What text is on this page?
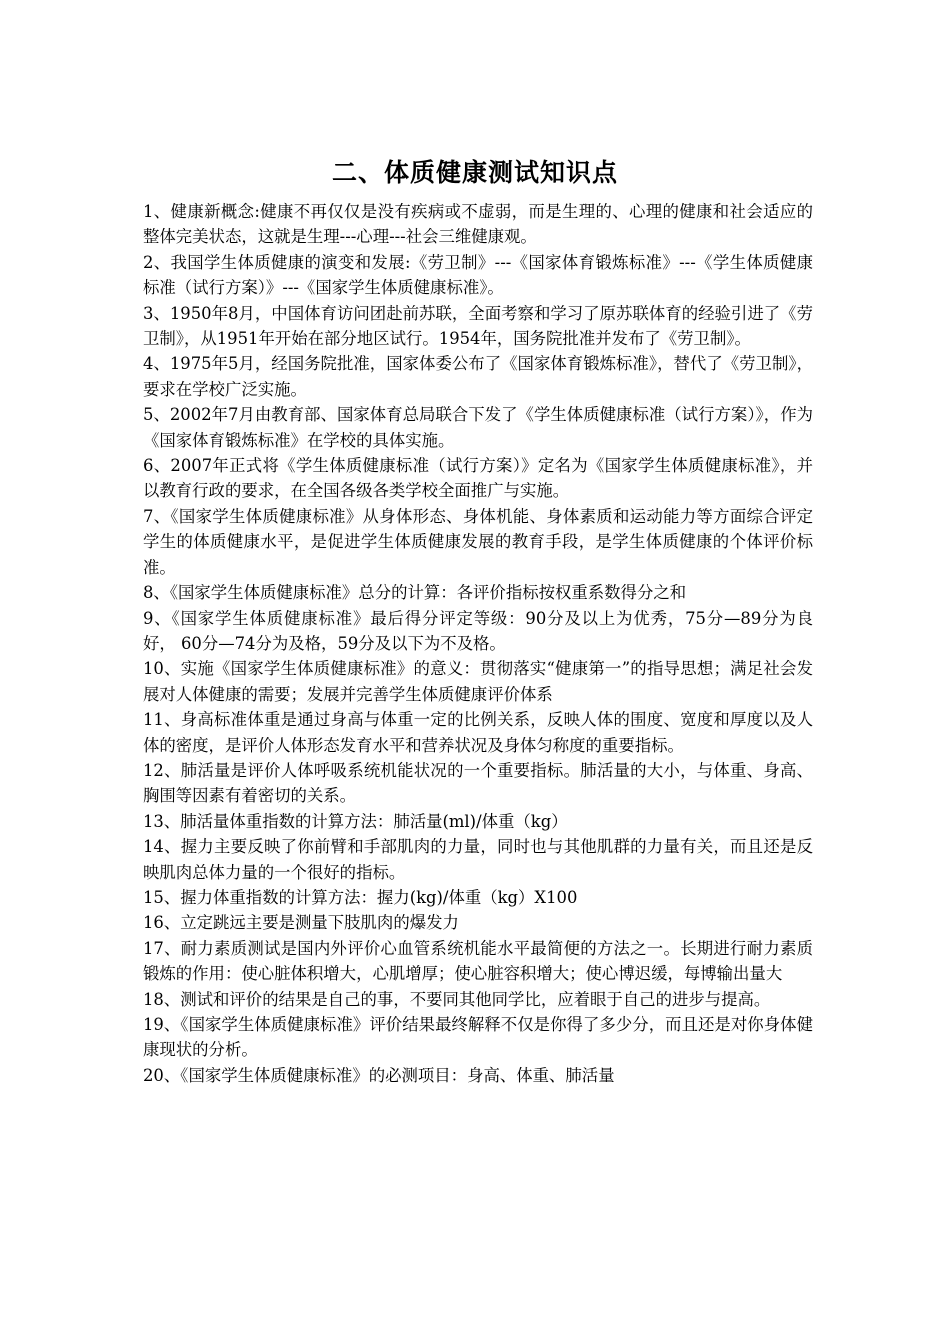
二、体质健康测试知识点

1、健康新概念:健康不再仅仅是没有疾病或不虚弱，而是生理的、心理的健康和社会适应的整体完美状态，这就是生理---心理---社会三维健康观。

2、我国学生体质健康的演变和发展:《劳卫制》---《国家体育锻炼标准》---《学生体质健康标准（试行方案）》---《国家学生体质健康标准》。

3、1950年8月，中国体育访问团赴前苏联，全面考察和学习了原苏联体育的经验引进了《劳卫制》，从1951年开始在部分地区试行。1954年，国务院批准并发布了《劳卫制》。

4、1975年5月，经国务院批准，国家体委公布了《国家体育锻炼标准》，替代了《劳卫制》，要求在学校广泛实施。

5、2002年7月由教育部、国家体育总局联合下发了《学生体质健康标准（试行方案）》，作为《国家体育锻炼标准》在学校的具体实施。

6、2007年正式将《学生体质健康标准（试行方案）》定名为《国家学生体质健康标准》，并以教育行政的要求，在全国各级各类学校全面推广与实施。

7、《国家学生体质健康标准》从身体形态、身体机能、身体素质和运动能力等方面综合评定学生的体质健康水平，是促进学生体质健康发展的教育手段，是学生体质健康的个体评价标准。

8、《国家学生体质健康标准》总分的计算：各评价指标按权重系数得分之和

9、《国家学生体质健康标准》最后得分评定等级：90分及以上为优秀，75分—89分为良好， 60分—74分为及格，59分及以下为不及格。

10、实施《国家学生体质健康标准》的意义：贯彻落实“健康第一”的指导思想；满足社会发展对人体健康的需要；发展并完善学生体质健康评价体系

11、身高标准体重是通过身高与体重一定的比例关系，反映人体的围度、宽度和厚度以及人体的密度，是评价人体形态发育水平和营养状况及身体匀称度的重要指标。

12、肺活量是评价人体呼吸系统机能状况的一个重要指标。肺活量的大小，与体重、身高、胸围等因素有着密切的关系。

13、肺活量体重指数的计算方法：肺活量(ml)/体重（kg）

14、握力主要反映了你前臂和手部肌肉的力量，同时也与其他肌群的力量有关，而且还是反映肌肉总体力量的一个很好的指标。

15、握力体重指数的计算方法：握力(kg)/体重（kg）X100

16、立定跳远主要是测量下肢肌肉的爆发力

17、耐力素质测试是国内外评价心血管系统机能水平最简便的方法之一。长期进行耐力素质锻炼的作用：使心脏体积增大，心肌增厚；使心脏容积增大；使心博迟缓，每博输出量大

18、测试和评价的结果是自己的事，不要同其他同学比，应着眼于自己的进步与提高。

19、《国家学生体质健康标准》评价结果最终解释不仅是你得了多少分，而且还是对你身体健康现状的分析。

20、《国家学生体质健康标准》的必测项目：身高、体重、肺活量
